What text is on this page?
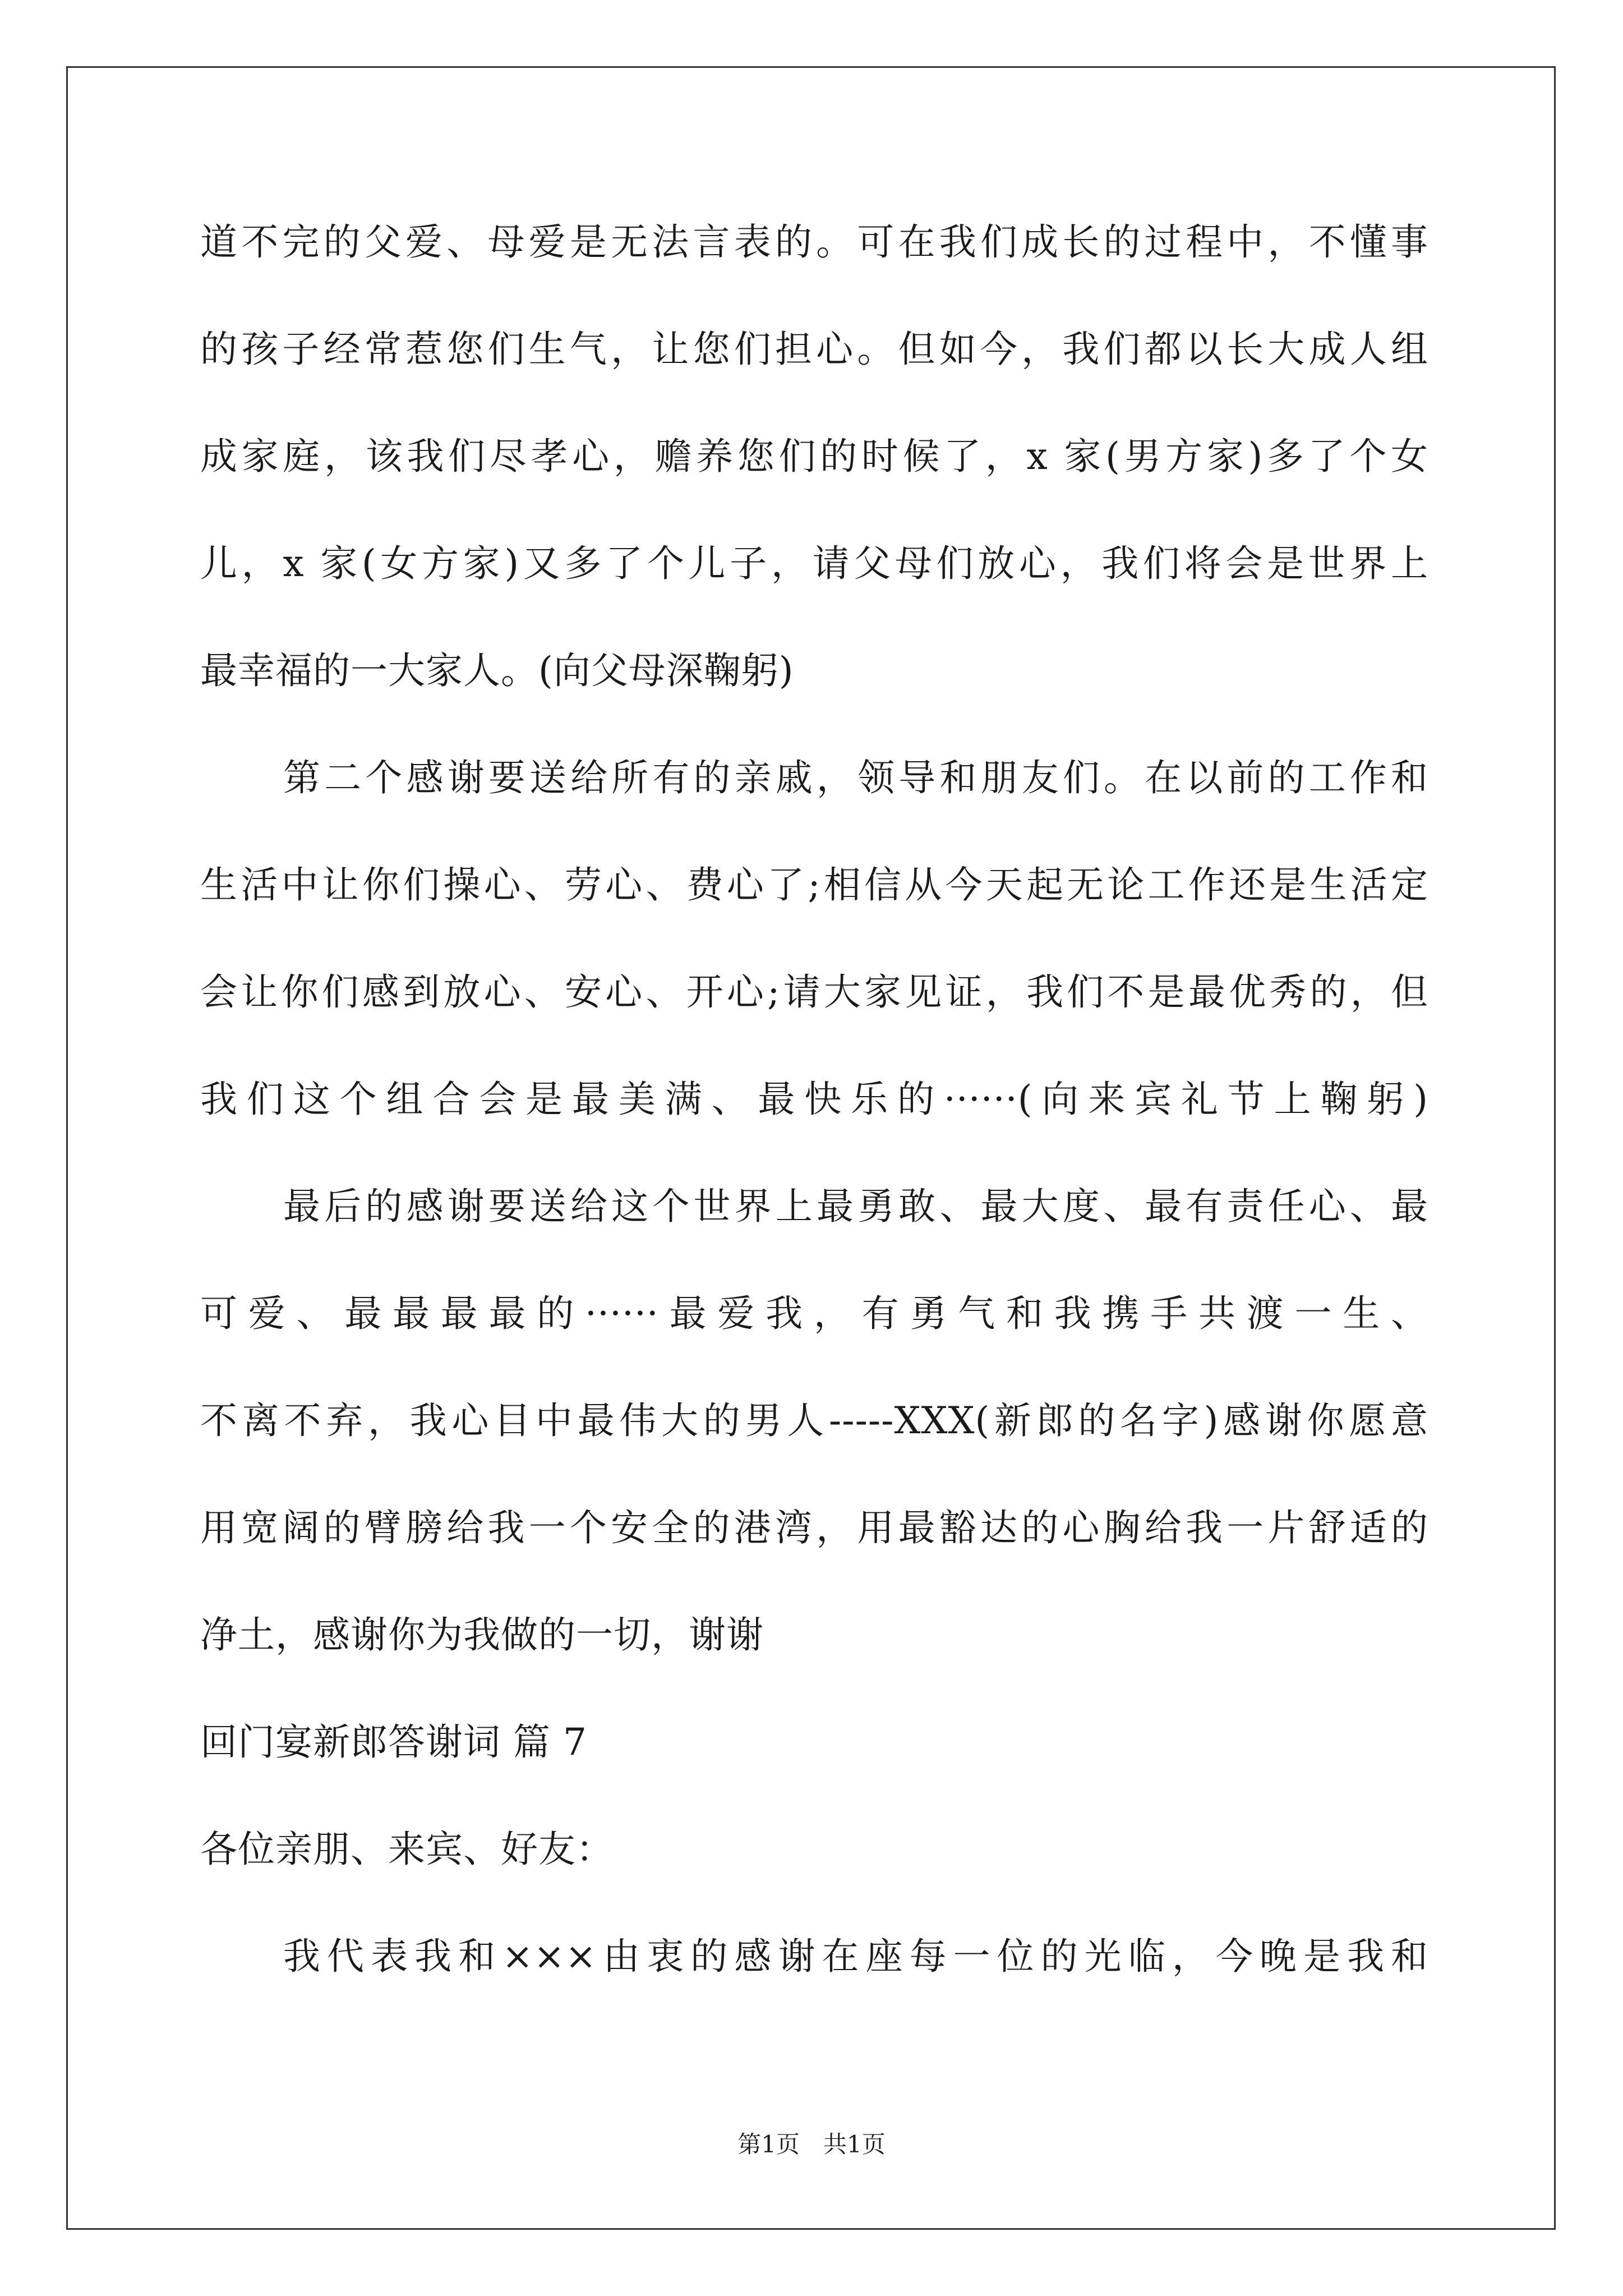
道不完的父爱、母爱是无法言表的。可在我们成长的过程中，不懂事
的孩子经常惹您们生气，让您们担心。但如今，我们都以长大成人组
成家庭，该我们尽孝心，赡养您们的时候了，x 家(男方家)多了个女
儿，x 家(女方家)又多了个儿子，请父母们放心，我们将会是世界上
最幸福的一大家人。(向父母深鞠躬)
第二个感谢要送给所有的亲戚，领导和朋友们。在以前的工作和
生活中让你们操心、劳心、费心了;相信从今天起无论工作还是生活定
会让你们感到放心、安心、开心;请大家见证，我们不是最优秀的，但
我们这个组合会是最美满、最快乐的······(向来宾礼节上鞠躬)
最后的感谢要送给这个世界上最勇敢、最大度、最有责任心、最
可爱、最最最最的······最爱我，有勇气和我携手共渡一生、
不离不弃，我心目中最伟大的男人-----XXX(新郎的名字)感谢你愿意
用宽阔的臂膀给我一个安全的港湾，用最豁达的心胸给我一片舒适的
净土，感谢你为我做的一切，谢谢
回门宴新郎答谢词 篇 7
各位亲朋、来宾、好友：
我代表我和×××由衷的感谢在座每一位的光临，今晚是我和
第1页　共1页
